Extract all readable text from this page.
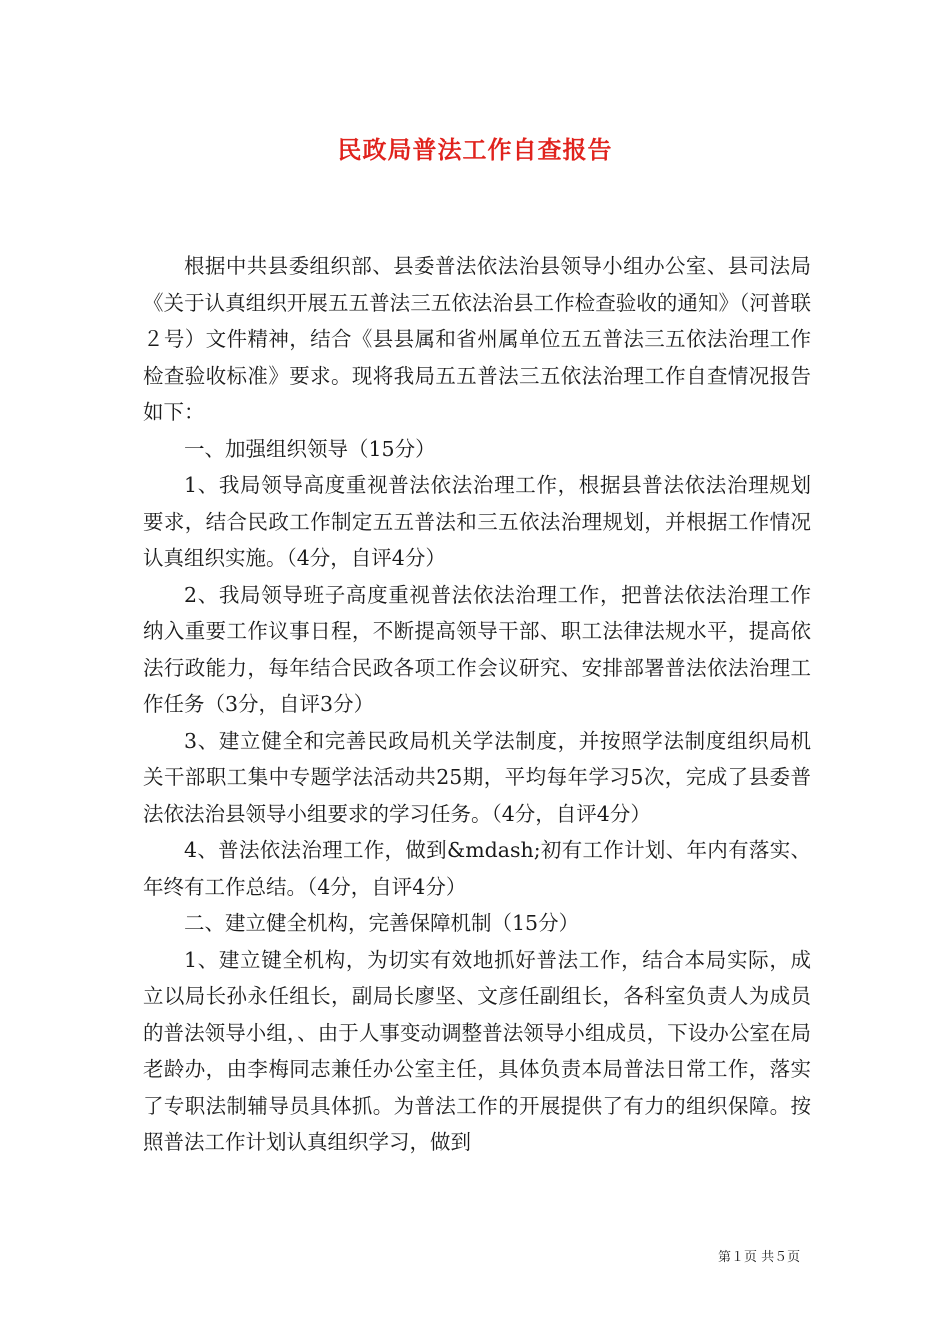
民政局普法工作自查报告

根据中共县委组织部、县委普法依法治县领导小组办公室、县司法局《关于认真组织开展五五普法三五依法治县工作检查验收的通知》（河普联２号）文件精神，结合《县县属和省州属单位五五普法三五依法治理工作检查验收标准》要求。现将我局五五普法三五依法治理工作自查情况报告如下：

一、加强组织领导（15分）

1、我局领导高度重视普法依法治理工作，根据县普法依法治理规划要求，结合民政工作制定五五普法和三五依法治理规划，并根据工作情况认真组织实施。（4分，自评4分）

2、我局领导班子高度重视普法依法治理工作，把普法依法治理工作纳入重要工作议事日程，不断提高领导干部、职工法律法规水平，提高依法行政能力，每年结合民政各项工作会议研究、安排部署普法依法治理工作任务（3分，自评3分）

3、建立健全和完善民政局机关学法制度，并按照学法制度组织局机关干部职工集中专题学法活动共25期，平均每年学习5次，完成了县委普法依法治县领导小组要求的学习任务。（4分，自评4分）

4、普法依法治理工作，做到&mdash;初有工作计划、年内有落实、年终有工作总结。（4分，自评4分）

二、建立健全机构，完善保障机制（15分）

1、建立键全机构，为切实有效地抓好普法工作，结合本局实际，成立以局长孙永任组长，副局长廖坚、文彦任副组长，各科室负责人为成员的普法领导小组，、由于人事变动调整普法领导小组成员，下设办公室在局老龄办，由李梅同志兼任办公室主任，具体负责本局普法日常工作，落实了专职法制辅导员具体抓。为普法工作的开展提供了有力的组织保障。按照普法工作计划认真组织学习，做到

第１页 共５页
